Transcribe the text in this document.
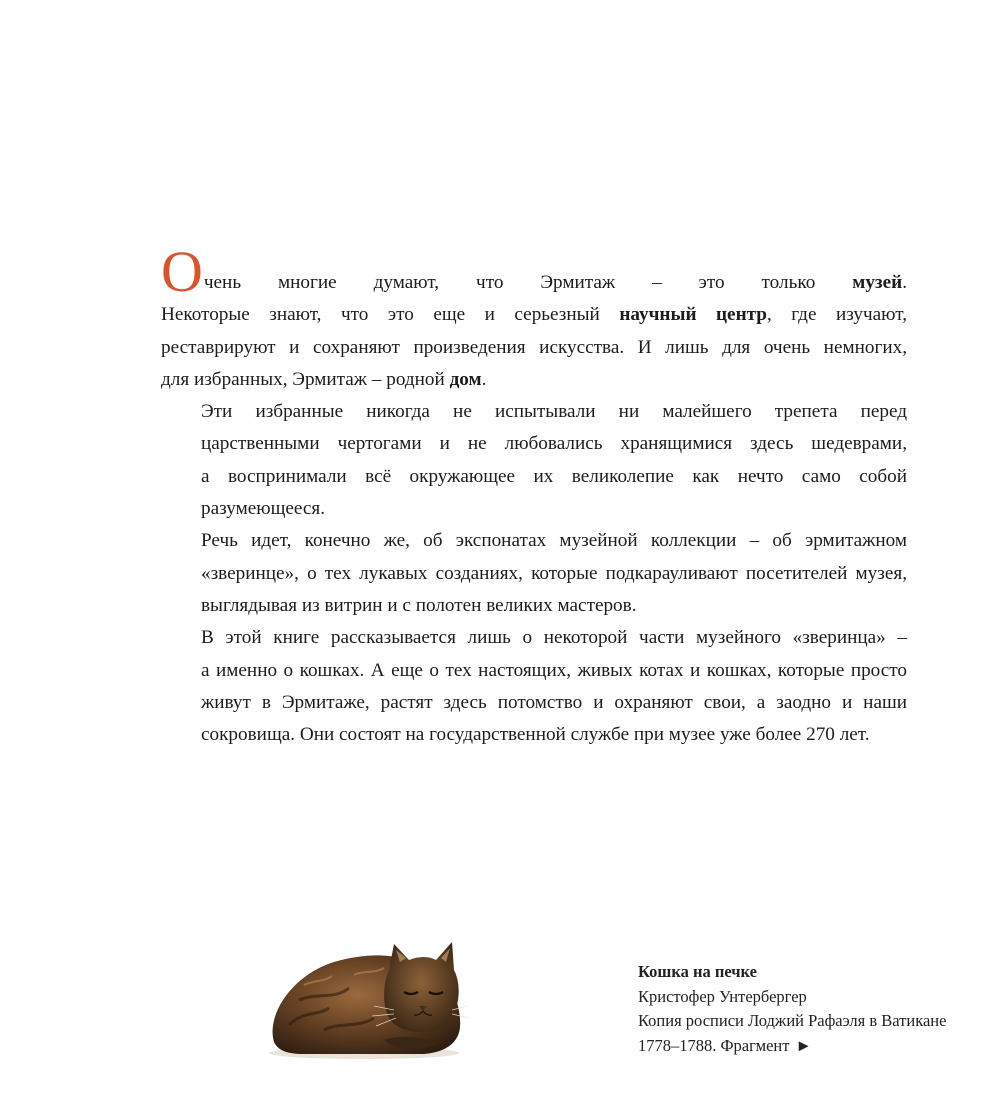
Очень многие думают, что Эрмитаж – это только музей.
Некоторые знают, что это еще и серьезный научный центр, где изучают,
реставрируют и сохраняют произведения искусства. И лишь для очень немногих,
для избранных, Эрмитаж – родной дом.

Эти избранные никогда не испытывали ни малейшего трепета перед
царственными чертогами и не любовались хранящимися здесь шедеврами,
а воспринимали всё окружающее их великолепие как нечто само собой
разумеющееся.

Речь идет, конечно же, об экспонатах музейной коллекции – об эрмитажном
«зверинце», о тех лукавых созданиях, которые подкарауливают посетителей музея,
выглядывая из витрин и с полотен великих мастеров.

В этой книге рассказывается лишь о некоторой части музейного «зверинца» –
а именно о кошках. А еще о тех настоящих, живых котах и кошках, которые просто
живут в Эрмитаже, растят здесь потомство и охраняют свои, а заодно и наши
сокровища. Они состоят на государственной службе при музее уже более 270 лет.

Кошка на печке
Кристофер Унтербергер
Копия росписи Лоджий Рафаэля в Ватикане
1778–1788. Фрагмент ►
